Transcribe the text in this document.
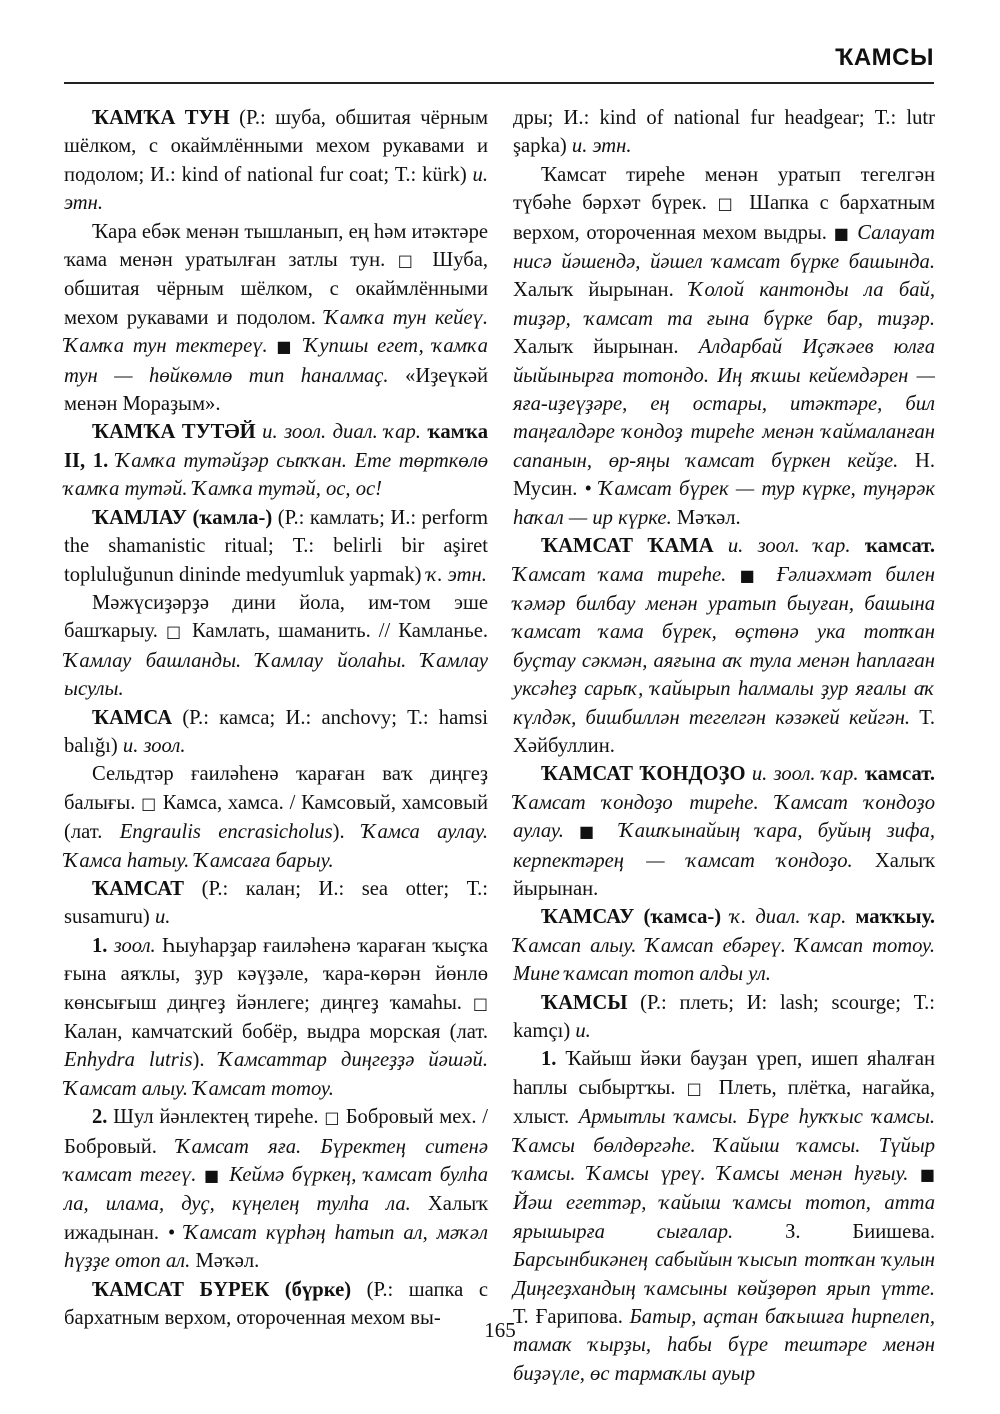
ҠАМСЫ

ҠАМҠА ТУН (Р.: шуба, обшитая чёрным шёлком, с окаймлёнными мехом рукавами и подолом; И.: kind of national fur coat; Т.: kürk) и. этн.

Ҡара ебәк менән тышланып, ең һәм итәктәре ҡама менән уратылған затлы тун. □ Шуба, обшитая чёрным шёлком, с окаймлёнными мехом рукавами и подолом. Ҡамҡа тун кейеү. Ҡамҡа тун тектереү. ■ Ҡупшы егет, ҡамҡа тун — һөйкөмлө тип һаналмаҫ. «Иҙеүкәй менән Мораҙым».

ҠАМҠА ТУТӘЙ и. зоол. диал. ҡар. ҡамҡа II, 1. Ҡамҡа тутәйҙәр сыҡҡан. Ете төрткөлө ҡамҡа тутәй. Ҡамҡа тутәй, ос, ос!

ҠАМЛАУ (ҡамла-) (Р.: камлать; И.: perform the shamanistic ritual; Т.: belirli bir aşiret topluluğunun dininde medyumluk yapmak) ҡ. этн.

Мәжүсиҙәрҙә дини йола, им-том эше башҡарыу. □ Камлать, шаманить. // Камланье. Ҡамлау башланды. Ҡамлау йолаһы. Ҡамлау ысулы.

ҠАМСА (Р.: камса; И.: anchovy; Т.: hamsi balığı) и. зоол.

Сельдтәр ғаиләһенә ҡараған ваҡ диңгеҙ балығы. □ Камса, хамса. / Камсовый, хамсовый (лат. Engraulis encrasicholus). Ҡамса аулау. Ҡамса һатыу. Ҡамсаға барыу.

ҠАМСАТ (Р.: калан; И.: sea otter; Т.: susamuru) и.

1. зоол. Һыуһарҙар ғаиләһенә ҡараған ҡыҫҡа ғына аяҡлы, ҙур кәүҙәле, ҡара-көрән йөнлө көнсығыш диңгеҙ йәнлеге; диңгеҙ ҡамаһы. □ Калан, камчатский бобёр, выдра морская (лат. Enhydra lutris). Ҡамсаттар диңгеҙҙә йәшәй. Ҡамсат алыу. Ҡамсат тотоу.

2. Шул йәнлектең тиреһе. □ Бобровый мех. / Бобровый. Ҡамсат яға. Бүректең ситенә ҡамсат тегеү. ■ Кеймә бүркең, ҡамсат булһа ла, илама, дуҫ, күңелең тулһа ла. Халыҡ ижадынан. • Ҡамсат күрһәң һатып ал, мәҡәл һүҙҙе отоп ал. Мәҡәл.

ҠАМСАТ БҮРЕК (бүрке) (Р.: шапка с бархатным верхом, отороченная мехом вы-

дры; И.: kind of national fur headgear; Т.: lutr şapka) и. этн.

Ҡамсат тиреһе менән уратып тегелгән түбәһе бәрхәт бүрек. □ Шапка с бархатным верхом, отороченная мехом выдры. ■ Салауат нисә йәшендә, йәшел ҡамсат бүрке башында. Халыҡ йырынан. Ҡолой кантонды ла бай, тиҙәр, ҡамсат та ғына бүрке бар, тиҙәр. Халыҡ йырынан. Алдарбай Иҫәҡәев юлға йыйынырға тотондо. Иң яҡшы кейемдәрен — яға-иҙеүҙәре, ең остары, итәктәре, бил таңғалдәре ҡондоҙ тиреһе менән ҡаймаланған сапанын, өр-яңы ҡамсат бүркен кейҙе. Н. Мусин. • Ҡамсат бүрек — тур күрке, туңәрәк һаҡал — ир күрке. Мәҡәл.

ҠАМСАТ ҠАМА и. зоол. ҡар. ҡамсат. Ҡамсат ҡама тиреһе. ■ Ғәлиәхмәт билен ҡәмәр билбау менән уратып быуған, башына ҡамсат ҡама бүрек, өҫтөнә ука тотҡан буҫтау сәкмән, аяғына аҡ тула менән һаплаған уксәһеҙ сарыҡ, ҡайырып һалмалы ҙур яғалы аҡ күлдәк, бишбиллән тегелгән кәзәкей кейгән. Т. Хәйбуллин.

ҠАМСАТ ҠОНДОҘО и. зоол. ҡар. ҡамсат. Ҡамсат ҡондоҙо тиреһе. Ҡамсат ҡондоҙо аулау. ■ Ҡашҡынайың ҡара, буйың зифа, керпектәрең — ҡамсат ҡондоҙо. Халыҡ йырынан.

ҠАМСАУ (ҡамса-) ҡ. диал. ҡар. маҡҡыу. Ҡамсап алыу. Ҡамсап ебәреү. Ҡамсап тотоу. Мине ҡамсап тотоп алды ул.

ҠАМСЫ (Р.: плеть; И: lash; scourge; Т.: kamçı) и.

1. Ҡайыш йәки бауҙан үреп, ишеп яһалған һаплы сыбыртҡы. □ Плеть, плётка, нагайка, хлыст. Армытлы ҡамсы. Бүре һуҡҡыс ҡамсы. Ҡамсы бөлдөргәһе. Ҡайыш ҡамсы. Түйыр ҡамсы. Ҡамсы үреү. Ҡамсы менән һуғыу. ■ Йәш егеттәр, ҡайыш ҡамсы тотоп, атта ярышырға сығалар. З. Биишева. Барсынбикәнең сабыйын ҡысып тотҡан ҡулын Диңгеҙхандың ҡамсыны көйҙөрөп ярып үтте. Т. Ғарипова. Батыр, аҫтан баҡышға һирпелеп, тамаҡ ҡырҙы, һабы бүре тештәре менән биҙәүле, өс тармаҡлы ауыр

165
